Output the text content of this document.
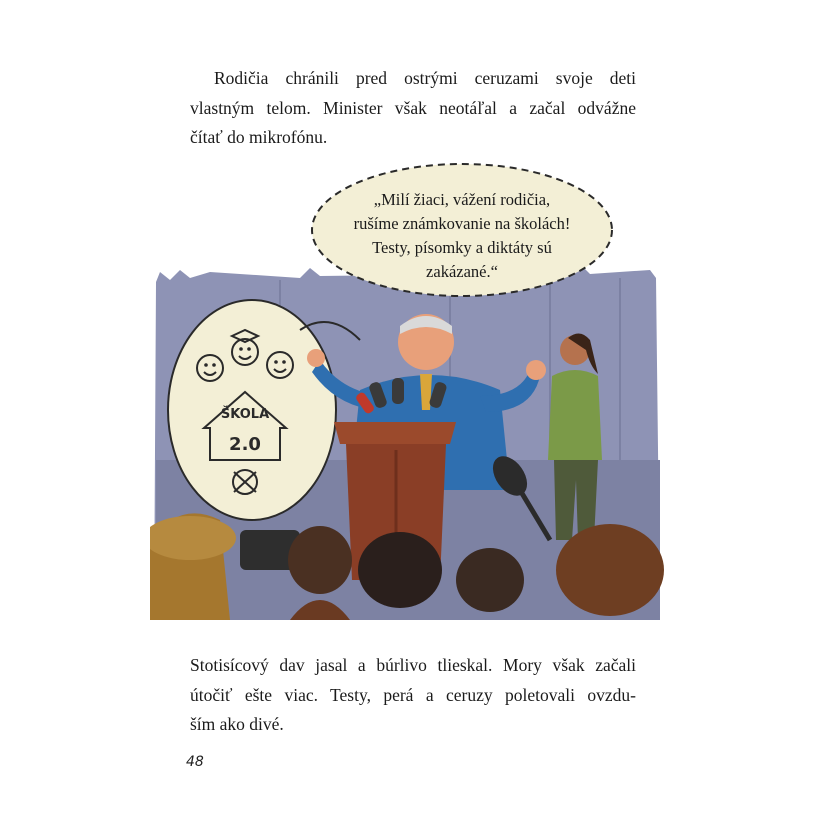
Rodičia chránili pred ostrými ceruzami svoje deti
vlastným telom. Minister však neotáľal a začal odvážne
čítať do mikrofónu.
ŠKOLA
2.0
„Milí žiaci, vážení rodičia,
rušíme známkovanie na školách!
Testy, písomky a diktáty sú
zakázané.“
Stotisícový dav jasal a búrlivo tlieskal. Mory však začali
útočiť ešte viac. Testy, perá a ceruzy poletovali ovzdu-
ším ako divé.
48
